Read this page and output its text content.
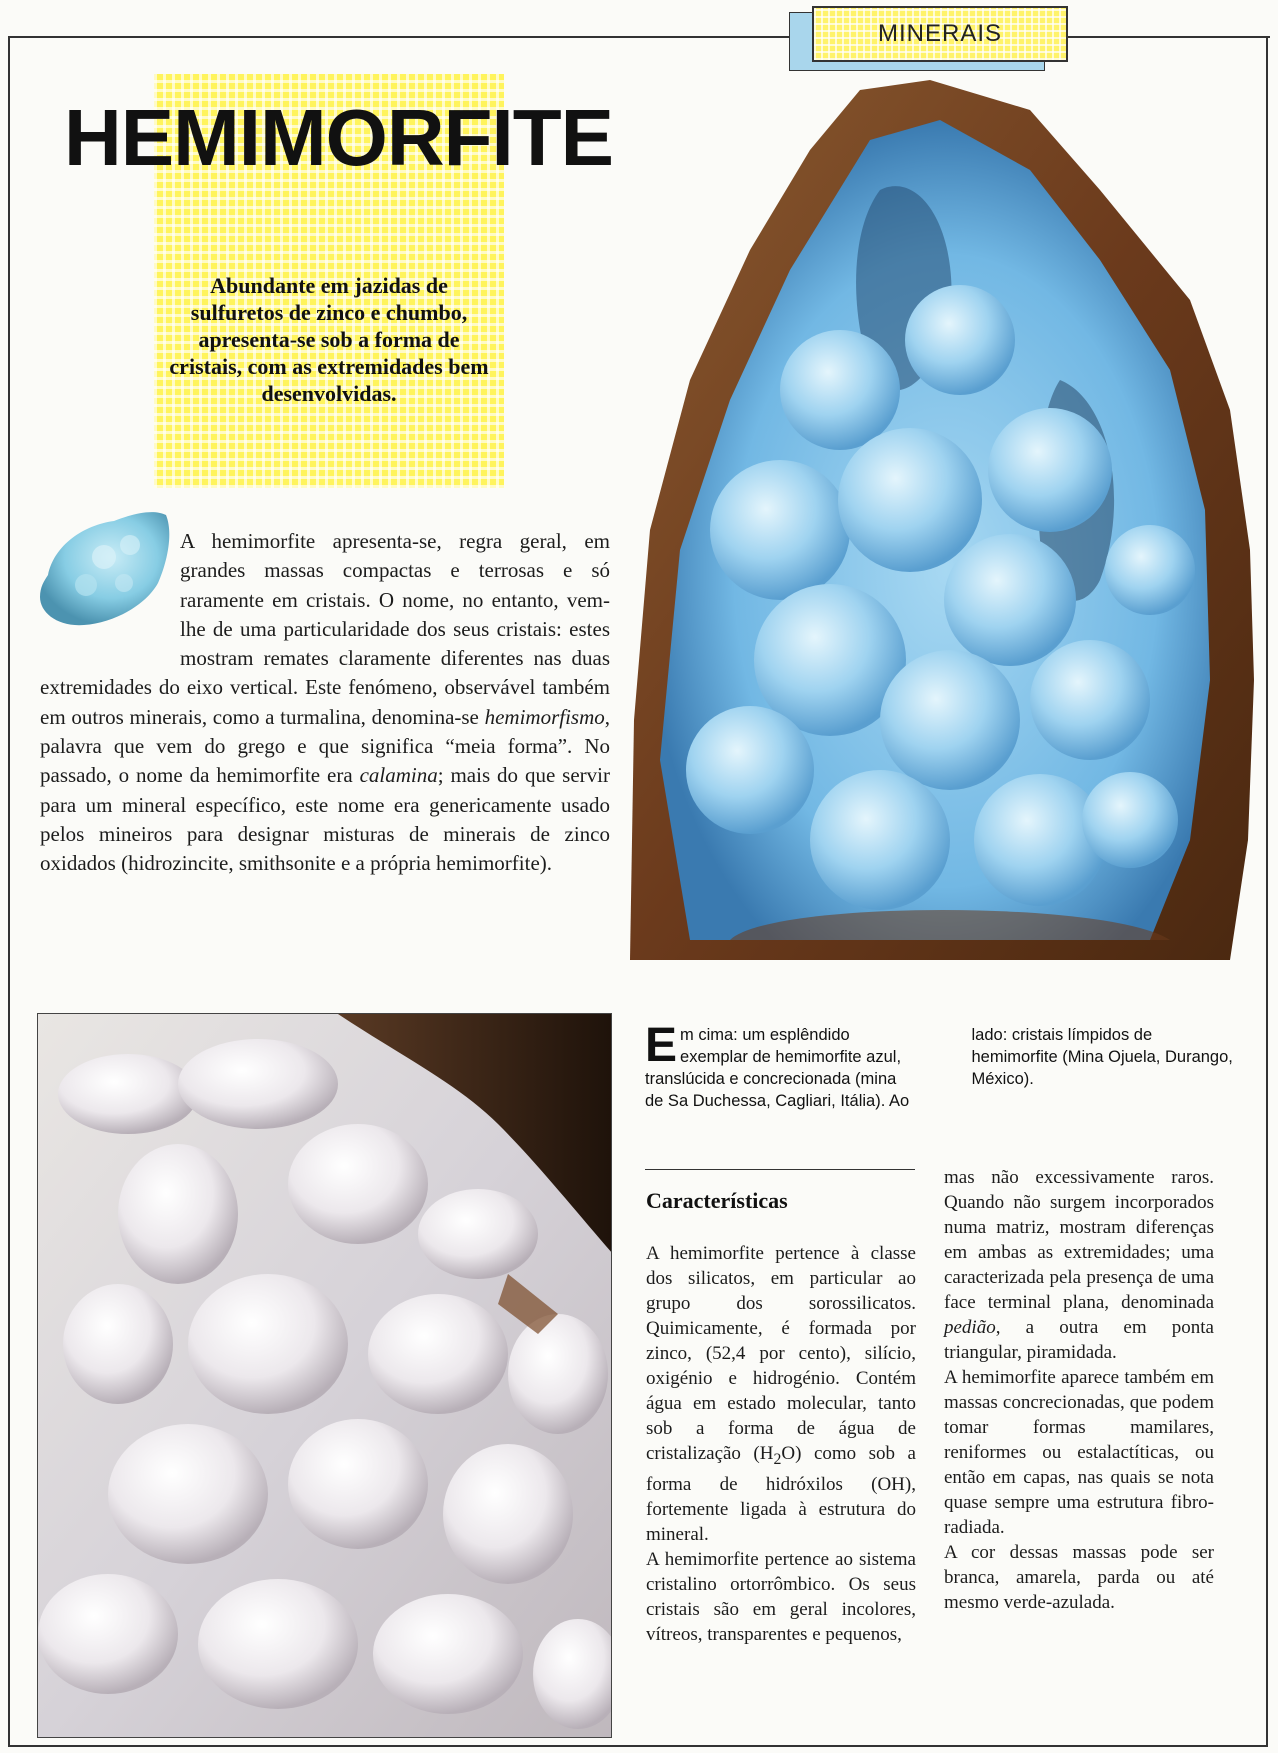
MINERAIS
HEMIMORFITE
Abundante em jazidas de sulfuretos de zinco e chumbo, apresenta-se sob a forma de cristais, com as extremidades bem desenvolvidas.

A hemimorfite apresenta-se, regra geral, em grandes massas compactas e terrosas e só raramente em cristais. O nome, no entanto, vem-lhe de uma particularidade dos seus cristais: estes mostram remates claramente diferentes nas duas extremidades do eixo vertical. Este fenómeno, observável também em outros minerais, como a turmalina, denomina-se hemimorfismo, palavra que vem do grego e que significa “meia forma”. No passado, o nome da hemimorfite era calamina; mais do que servir para um mineral específico, este nome era genericamente usado pelos mineiros para designar misturas de minerais de zinco oxidados (hidrozincite, smithsonite e a própria hemimorfite).

Em cima: um esplêndido exemplar de hemimorfite azul, translúcida e concrecionada (mina de Sa Duchessa, Cagliari, Itália). Ao lado: cristais límpidos de hemimorfite (Mina Ojuela, Durango, México).
Características

A hemimorfite pertence à classe dos silicatos, em particular ao grupo dos sorossilicatos. Quimicamente, é formada por zinco, (52,4 por cento), silício, oxigénio e hidrogénio. Contém água em estado molecular, tanto sob a forma de água de cristalização $(H_2O)$ como sob a forma de hidróxilos (OH), fortemente ligada à estrutura do mineral.

A hemimorfite pertence ao sistema cristalino ortorrômbico. Os seus cristais são em geral incolores, vítreos, transparentes e pequenos,

mas não excessivamente raros. Quando não surgem incorporados numa matriz, mostram diferenças em ambas as extremidades; uma caracterizada pela presença de uma face terminal plana, denominada pedião, a outra em ponta triangular, piramidada.

A hemimorfite aparece também em massas concrecionadas, que podem tomar formas mamilares, reniformes ou estalactíticas, ou então em capas, nas quais se nota quase sempre uma estrutura fibro-radiada.

A cor dessas massas pode ser branca, amarela, parda ou até mesmo verde-azulada.
